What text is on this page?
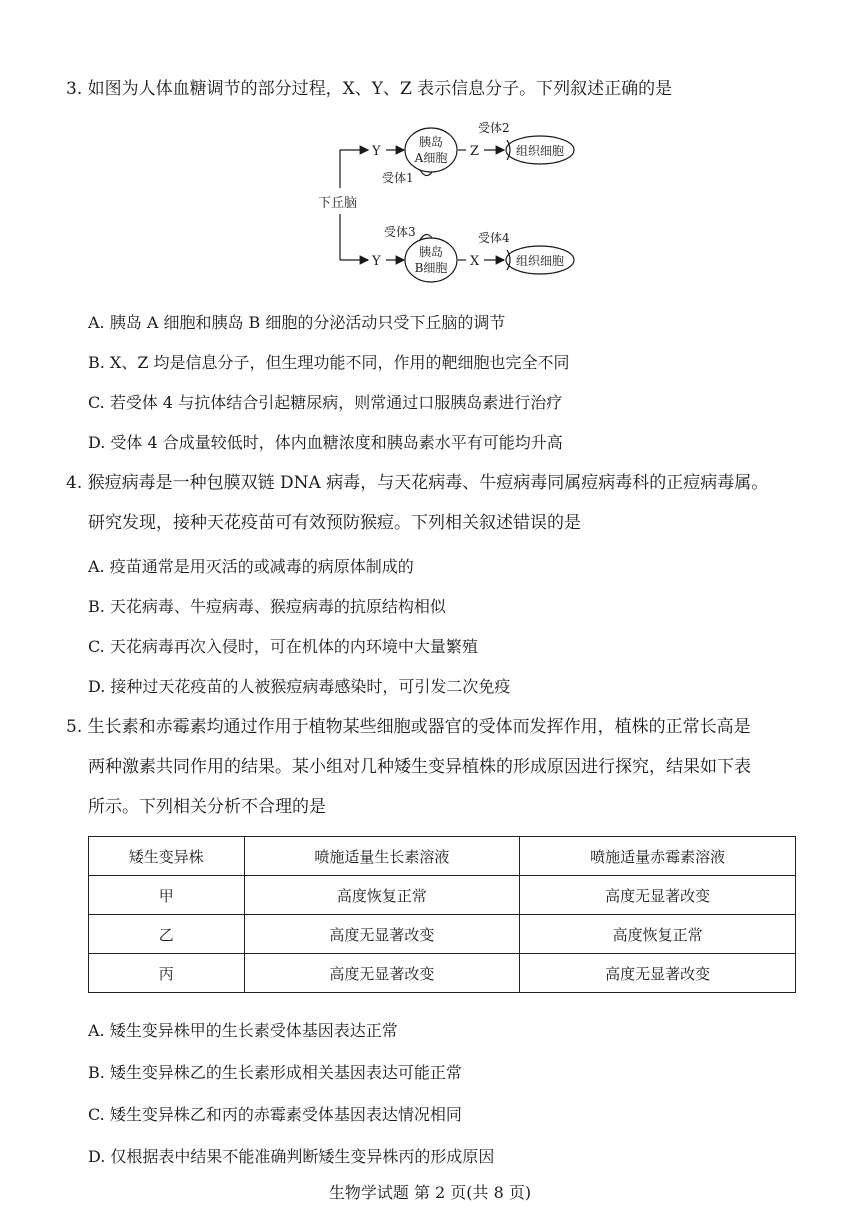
3. 如图为人体血糖调节的部分过程，X、Y、Z 表示信息分子。下列叙述正确的是
下丘脑
Y
胰岛
A细胞
受体1
Z
受体2
组织细胞
Y
胰岛
B细胞
受体3
X
受体4
组织细胞
A. 胰岛 A 细胞和胰岛 B 细胞的分泌活动只受下丘脑的调节
B. X、Z 均是信息分子，但生理功能不同，作用的靶细胞也完全不同
C. 若受体 4 与抗体结合引起糖尿病，则常通过口服胰岛素进行治疗
D. 受体 4 合成量较低时，体内血糖浓度和胰岛素水平有可能均升高
4. 猴痘病毒是一种包膜双链 DNA 病毒，与天花病毒、牛痘病毒同属痘病毒科的正痘病毒属。
研究发现，接种天花疫苗可有效预防猴痘。下列相关叙述错误的是
A. 疫苗通常是用灭活的或减毒的病原体制成的
B. 天花病毒、牛痘病毒、猴痘病毒的抗原结构相似
C. 天花病毒再次入侵时，可在机体的内环境中大量繁殖
D. 接种过天花疫苗的人被猴痘病毒感染时，可引发二次免疫
5. 生长素和赤霉素均通过作用于植物某些细胞或器官的受体而发挥作用，植株的正常长高是
两种激素共同作用的结果。某小组对几种矮生变异植株的形成原因进行探究，结果如下表
所示。下列相关分析不合理的是
矮生变异株	喷施适量生长素溶液	喷施适量赤霉素溶液
甲	高度恢复正常	高度无显著改变
乙	高度无显著改变	高度恢复正常
丙	高度无显著改变	高度无显著改变
A. 矮生变异株甲的生长素受体基因表达正常
B. 矮生变异株乙的生长素形成相关基因表达可能正常
C. 矮生变异株乙和丙的赤霉素受体基因表达情况相同
D. 仅根据表中结果不能准确判断矮生变异株丙的形成原因
生物学试题 第 2 页(共 8 页)
